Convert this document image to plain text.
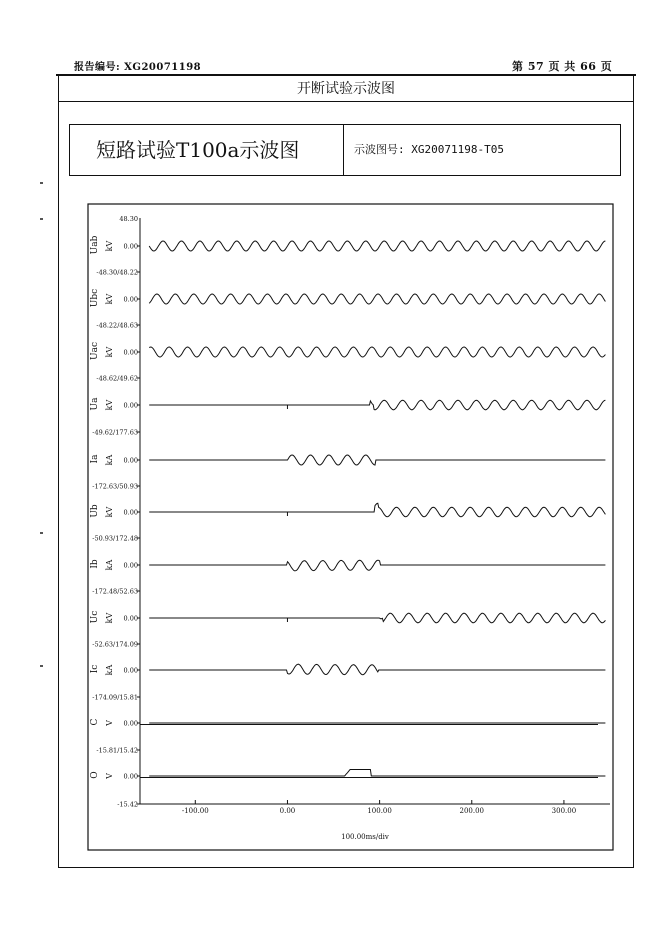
报告编号: XG20071198	第 57 页 共 66 页
开断试验示波图
短路试验T100a示波图	示波图号: XG20071198-T05
-100.00	0.00	100.00	200.00	300.00
100.00ms/div
Uab kV 0.00
48.30
-48.30/48.22
Ubc kV 0.00
-48.22/48.63
Uac kV 0.00
-48.62/49.62
Ua kV 0.00
-49.62/177.63
Ia kA 0.00
-172.63/50.93
Ub kV 0.00
-50.93/172.48
Ib kA 0.00
-172.48/52.63
Uc kV 0.00
-52.63/174.09
Ic kA 0.00
-174.09/15.81
C V 0.00
-15.81/15.42
O V 0.00
-15.42
